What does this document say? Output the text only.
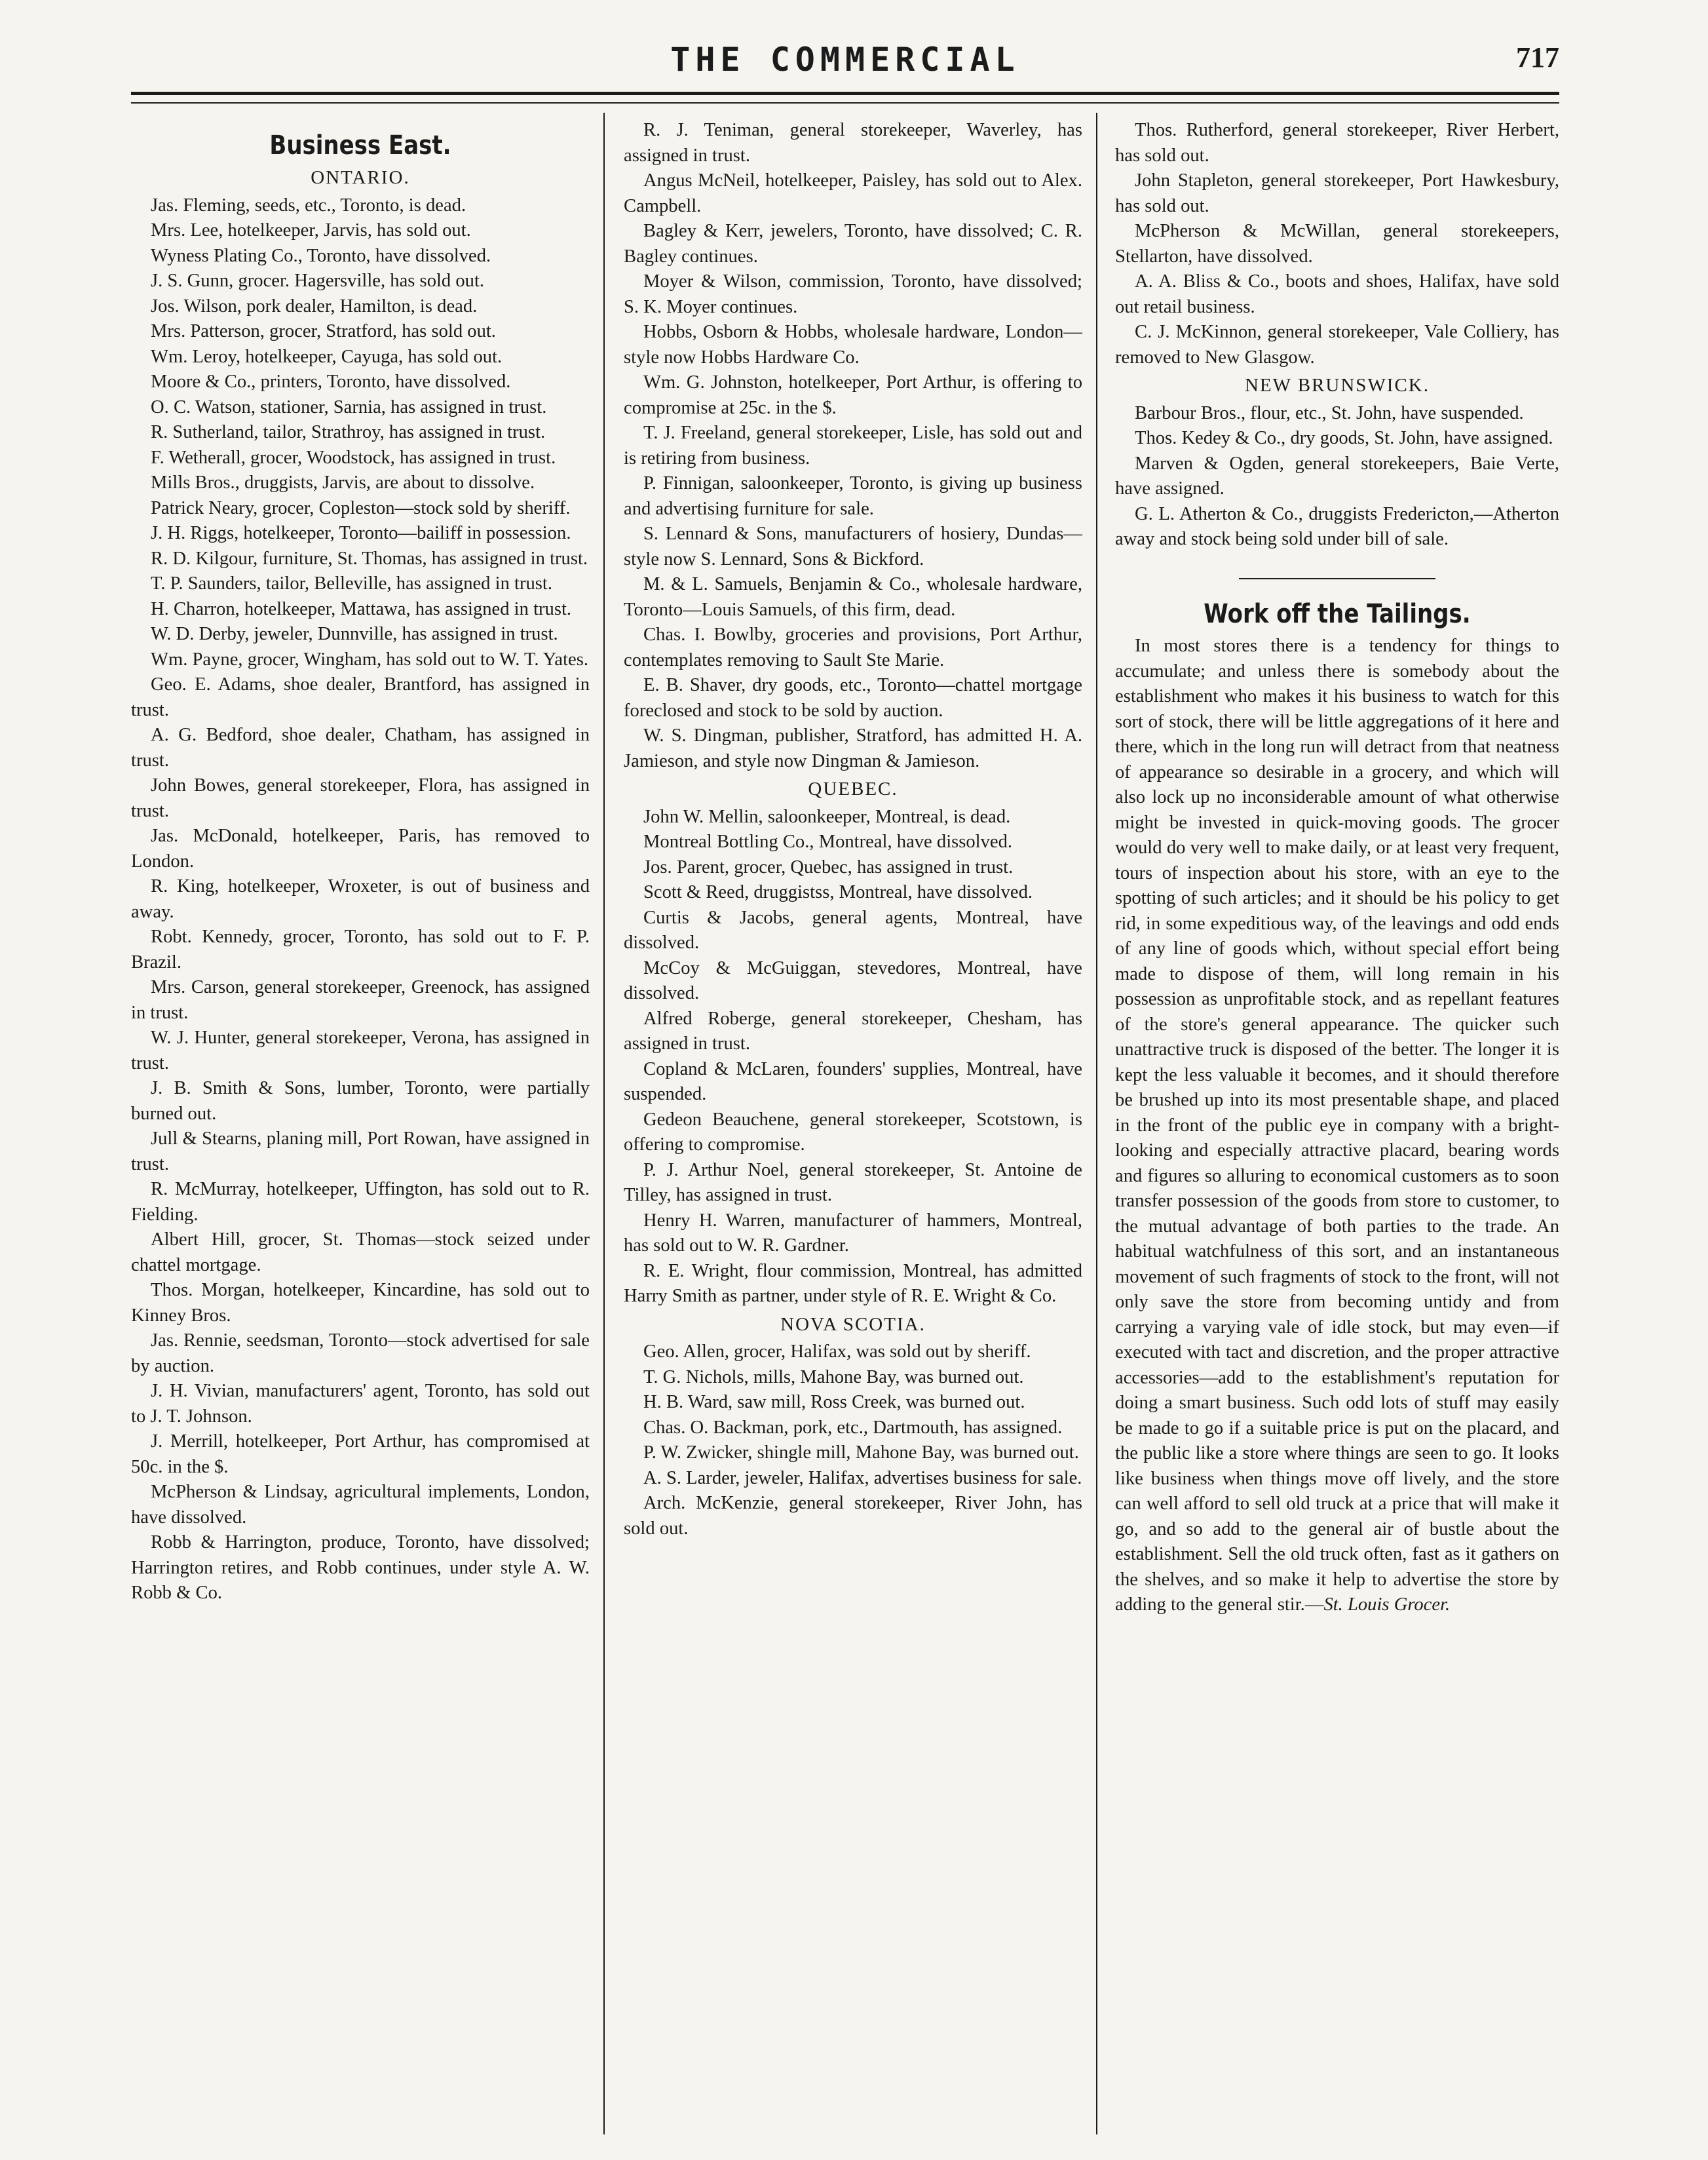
THE COMMERCIAL	717
Business East.
ONTARIO.

Jas. Fleming, seeds, etc., Toronto, is dead.

Mrs. Lee, hotelkeeper, Jarvis, has sold out.

Wyness Plating Co., Toronto, have dissolved.

J. S. Gunn, grocer. Hagersville, has sold out.

Jos. Wilson, pork dealer, Hamilton, is dead.

Mrs. Patterson, grocer, Stratford, has sold out.

Wm. Leroy, hotelkeeper, Cayuga, has sold out.

Moore & Co., printers, Toronto, have dissolved.

O. C. Watson, stationer, Sarnia, has assigned in trust.

R. Sutherland, tailor, Strathroy, has assigned in trust.

F. Wetherall, grocer, Woodstock, has assigned in trust.

Mills Bros., druggists, Jarvis, are about to dissolve.

Patrick Neary, grocer, Copleston—stock sold by sheriff.

J. H. Riggs, hotelkeeper, Toronto—bailiff in possession.

R. D. Kilgour, furniture, St. Thomas, has assigned in trust.

T. P. Saunders, tailor, Belleville, has assigned in trust.

H. Charron, hotelkeeper, Mattawa, has assigned in trust.

W. D. Derby, jeweler, Dunnville, has assigned in trust.

Wm. Payne, grocer, Wingham, has sold out to W. T. Yates.

Geo. E. Adams, shoe dealer, Brantford, has assigned in trust.

A. G. Bedford, shoe dealer, Chatham, has assigned in trust.

John Bowes, general storekeeper, Flora, has assigned in trust.

Jas. McDonald, hotelkeeper, Paris, has removed to London.

R. King, hotelkeeper, Wroxeter, is out of business and away.

Robt. Kennedy, grocer, Toronto, has sold out to F. P. Brazil.

Mrs. Carson, general storekeeper, Greenock, has assigned in trust.

W. J. Hunter, general storekeeper, Verona, has assigned in trust.

J. B. Smith & Sons, lumber, Toronto, were partially burned out.

Jull & Stearns, planing mill, Port Rowan, have assigned in trust.

R. McMurray, hotelkeeper, Uffington, has sold out to R. Fielding.

Albert Hill, grocer, St. Thomas—stock seized under chattel mortgage.

Thos. Morgan, hotelkeeper, Kincardine, has sold out to Kinney Bros.

Jas. Rennie, seedsman, Toronto—stock advertised for sale by auction.

J. H. Vivian, manufacturers' agent, Toronto, has sold out to J. T. Johnson.

J. Merrill, hotelkeeper, Port Arthur, has compromised at 50c. in the $.

McPherson & Lindsay, agricultural implements, London, have dissolved.

Robb & Harrington, produce, Toronto, have dissolved; Harrington retires, and Robb continues, under style A. W. Robb & Co.

R. J. Teniman, general storekeeper, Waverley, has assigned in trust.

Angus McNeil, hotelkeeper, Paisley, has sold out to Alex. Campbell.

Bagley & Kerr, jewelers, Toronto, have dissolved; C. R. Bagley continues.

Moyer & Wilson, commission, Toronto, have dissolved; S. K. Moyer continues.

Hobbs, Osborn & Hobbs, wholesale hardware, London—style now Hobbs Hardware Co.

Wm. G. Johnston, hotelkeeper, Port Arthur, is offering to compromise at 25c. in the $.

T. J. Freeland, general storekeeper, Lisle, has sold out and is retiring from business.

P. Finnigan, saloonkeeper, Toronto, is giving up business and advertising furniture for sale.

S. Lennard & Sons, manufacturers of hosiery, Dundas—style now S. Lennard, Sons & Bickford.

M. & L. Samuels, Benjamin & Co., wholesale hardware, Toronto—Louis Samuels, of this firm, dead.

Chas. I. Bowlby, groceries and provisions, Port Arthur, contemplates removing to Sault Ste Marie.

E. B. Shaver, dry goods, etc., Toronto—chattel mortgage foreclosed and stock to be sold by auction.

W. S. Dingman, publisher, Stratford, has admitted H. A. Jamieson, and style now Dingman & Jamieson.

QUEBEC.

John W. Mellin, saloonkeeper, Montreal, is dead.

Montreal Bottling Co., Montreal, have dissolved.

Jos. Parent, grocer, Quebec, has assigned in trust.

Scott & Reed, druggistss, Montreal, have dissolved.

Curtis & Jacobs, general agents, Montreal, have dissolved.

McCoy & McGuiggan, stevedores, Montreal, have dissolved.

Alfred Roberge, general storekeeper, Chesham, has assigned in trust.

Copland & McLaren, founders' supplies, Montreal, have suspended.

Gedeon Beauchene, general storekeeper, Scotstown, is offering to compromise.

P. J. Arthur Noel, general storekeeper, St. Antoine de Tilley, has assigned in trust.

Henry H. Warren, manufacturer of hammers, Montreal, has sold out to W. R. Gardner.

R. E. Wright, flour commission, Montreal, has admitted Harry Smith as partner, under style of R. E. Wright & Co.

NOVA SCOTIA.

Geo. Allen, grocer, Halifax, was sold out by sheriff.

T. G. Nichols, mills, Mahone Bay, was burned out.

H. B. Ward, saw mill, Ross Creek, was burned out.

Chas. O. Backman, pork, etc., Dartmouth, has assigned.

P. W. Zwicker, shingle mill, Mahone Bay, was burned out.

A. S. Larder, jeweler, Halifax, advertises business for sale.

Arch. McKenzie, general storekeeper, River John, has sold out.

Thos. Rutherford, general storekeeper, River Herbert, has sold out.

John Stapleton, general storekeeper, Port Hawkesbury, has sold out.

McPherson & McWillan, general storekeepers, Stellarton, have dissolved.

A. A. Bliss & Co., boots and shoes, Halifax, have sold out retail business.

C. J. McKinnon, general storekeeper, Vale Colliery, has removed to New Glasgow.

NEW BRUNSWICK.

Barbour Bros., flour, etc., St. John, have suspended.

Thos. Kedey & Co., dry goods, St. John, have assigned.

Marven & Ogden, general storekeepers, Baie Verte, have assigned.

G. L. Atherton & Co., druggists Fredericton,—Atherton away and stock being sold under bill of sale.

Work off the Tailings.

In most stores there is a tendency for things to accumulate; and unless there is somebody about the establishment who makes it his business to watch for this sort of stock, there will be little aggregations of it here and there, which in the long run will detract from that neatness of appearance so desirable in a grocery, and which will also lock up no inconsiderable amount of what otherwise might be invested in quick-moving goods. The grocer would do very well to make daily, or at least very frequent, tours of inspection about his store, with an eye to the spotting of such articles; and it should be his policy to get rid, in some expeditious way, of the leavings and odd ends of any line of goods which, without special effort being made to dispose of them, will long remain in his possession as unprofitable stock, and as repellant features of the store's general appearance. The quicker such unattractive truck is disposed of the better. The longer it is kept the less valuable it becomes, and it should therefore be brushed up into its most presentable shape, and placed in the front of the public eye in company with a bright-looking and especially attractive placard, bearing words and figures so alluring to economical customers as to soon transfer possession of the goods from store to customer, to the mutual advantage of both parties to the trade. An habitual watchfulness of this sort, and an instantaneous movement of such fragments of stock to the front, will not only save the store from becoming untidy and from carrying a varying vale of idle stock, but may even—if executed with tact and discretion, and the proper attractive accessories—add to the establishment's reputation for doing a smart business. Such odd lots of stuff may easily be made to go if a suitable price is put on the placard, and the public like a store where things are seen to go. It looks like business when things move off lively, and the store can well afford to sell old truck at a price that will make it go, and so add to the general air of bustle about the establishment. Sell the old truck often, fast as it gathers on the shelves, and so make it help to advertise the store by adding to the general stir.—St. Louis Grocer.
